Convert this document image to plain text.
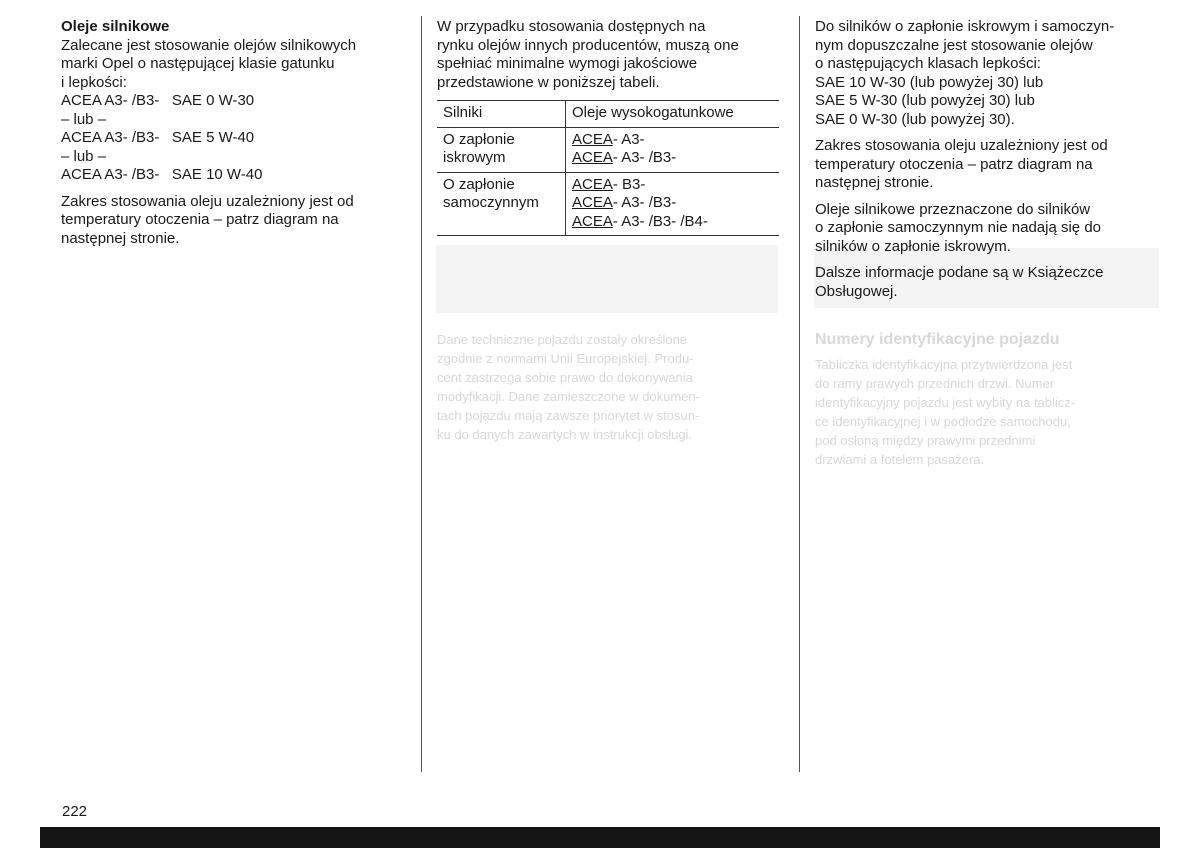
Dane techniczne pojazdu zostały określone
zgodnie z normami Unii Europejskiej. Produ-
cent zastrzega sobie prawo do dokonywania
modyfikacji. Dane zamieszczone w dokumen-
tach pojazdu mają zawsze priorytet w stosun-
ku do danych zawartych w instrukcji obsługi.
Numery identyfikacyjne pojazdu
Tabliczka identyfikacyjna przytwierdzona jest
do ramy prawych przednich drzwi. Numer
identyfikacyjny pojazdu jest wybity na tablicz-
ce identyfikacyjnej i w podłodze samochodu,
pod osłoną między prawymi przednimi
drzwiami a fotelem pasażera.
Oleje silnikowe

Zalecane jest stosowanie olejów silnikowych
marki Opel o następującej klasie gatunku
i lepkości:
ACEA A3- /B3-   SAE 0 W-30
– lub –
ACEA A3- /B3-   SAE 5 W-40
– lub –
ACEA A3- /B3-   SAE 10 W-40

Zakres stosowania oleju uzależniony jest od
temperatury otoczenia – patrz diagram na
następnej stronie.

W przypadku stosowania dostępnych na
rynku olejów innych producentów, muszą one
spełniać minimalne wymogi jakościowe
przedstawione w poniższej tabeli.

Silniki	Oleje wysokogatunkowe

O zapłonie
iskrowym	ACEA- A3-
ACEA- A3- /B3-

O zapłonie
samoczynnym	ACEA- B3-
ACEA- A3- /B3-
ACEA- A3- /B3- /B4-

Do silników o zapłonie iskrowym i samoczyn-
nym dopuszczalne jest stosowanie olejów
o następujących klasach lepkości:
SAE 10 W-30 (lub powyżej 30) lub
SAE 5 W-30 (lub powyżej 30) lub
SAE 0 W-30 (lub powyżej 30).

Zakres stosowania oleju uzależniony jest od
temperatury otoczenia – patrz diagram na
następnej stronie.

Oleje silnikowe przeznaczone do silników
o zapłonie samoczynnym nie nadają się do
silników o zapłonie iskrowym.

Dalsze informacje podane są w Książeczce
Obsługowej.

222
